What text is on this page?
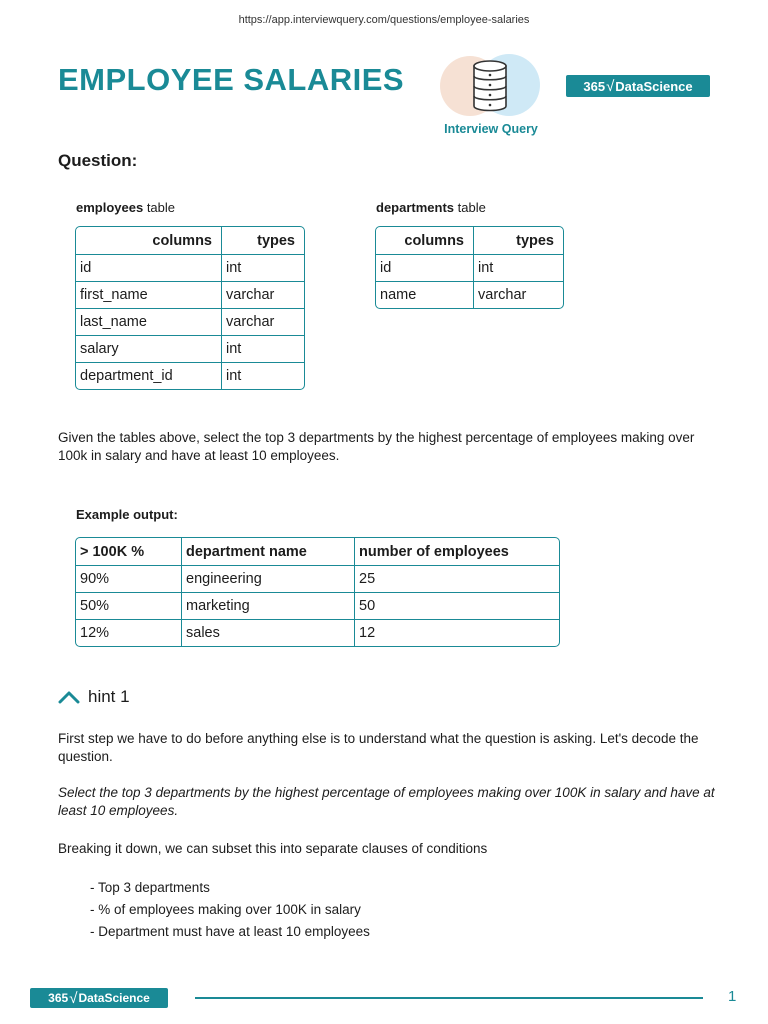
https://app.interviewquery.com/questions/employee-salaries
EMPLOYEE SALARIES
Interview Query
365 √ DataScience
Question:
employees table
columns	types
id	int
first_name	varchar
last_name	varchar
salary	int
department_id	int
departments table
columns	types
id	int
name	varchar
Given the tables above, select the top 3 departments by the highest percentage of employees making over 100k in salary and have at least 10 employees.
Example output:
> 100K %	department name	number of employees
90%	engineering	25
50%	marketing	50
12%	sales	12
hint 1
First step we have to do before anything else is to understand what the question is asking. Let's decode the question.
Select the top 3 departments by the highest percentage of employees making over 100K in salary and have at least 10 employees.
Breaking it down, we can subset this into separate clauses of conditions
- Top 3 departments
- % of employees making over 100K in salary
- Department must have at least 10 employees
365 √ DataScience	1
